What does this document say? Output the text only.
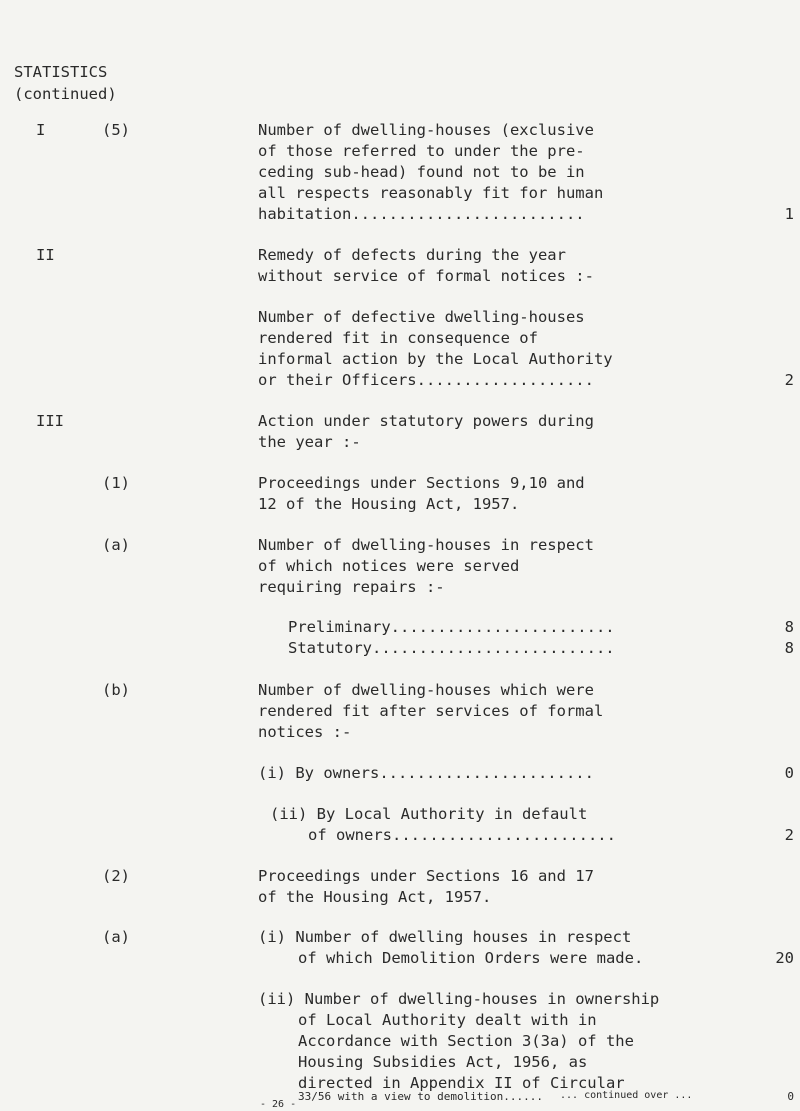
STATISTICS
(continued)
I	(5)	Number of dwelling-houses (exclusive
of those referred to under the pre-
ceding sub-head) found not to be in
all respects reasonably fit for human
habitation.........................	1
II	Remedy of defects during the year
without service of formal notices :-
Number of defective dwelling-houses
rendered fit in consequence of
informal action by the Local Authority
or their Officers...................	2
III	Action under statutory powers during
the year :-
(1)	Proceedings under Sections 9,10 and
12 of the Housing Act, 1957.
(a)	Number of dwelling-houses in respect
of which notices were served
requiring repairs :-
Preliminary........................	8
Statutory..........................	8
(b)	Number of dwelling-houses which were
rendered fit after services of formal
notices :-
(i) By owners.......................	0
(ii) By Local Authority in default
of owners........................	2
(2)	Proceedings under Sections 16 and 17
of the Housing Act, 1957.
(a)	(i) Number of dwelling houses in respect
of which Demolition Orders were made.	20
(ii) Number of dwelling-houses in ownership
of Local Authority dealt with in
Accordance with Section 3(3a) of the
Housing Subsidies Act, 1956, as
directed in Appendix II of Circular
33/56 with a view to demolition......	0
... continued over ...
- 26 -
